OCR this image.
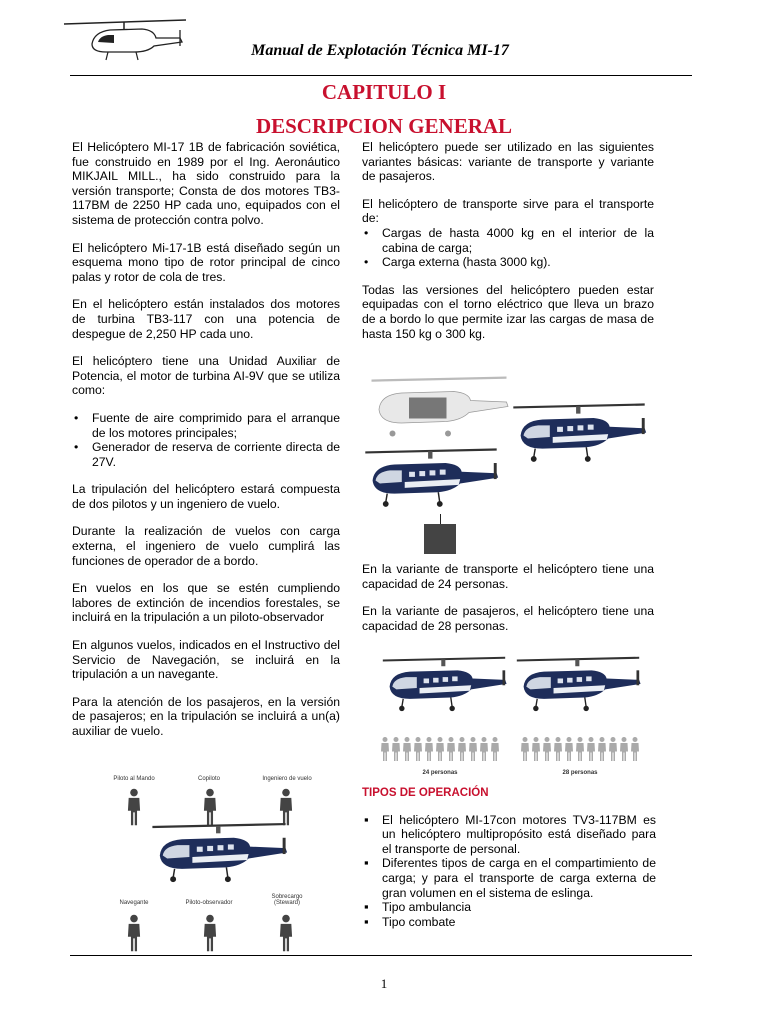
Manual de Explotación Técnica MI-17
CAPITULO I
DESCRIPCION GENERAL

El Helicóptero MI-17 1B de fabricación soviética, fue construido en 1989 por el Ing. Aeronáutico MIKJAIL MILL., ha sido construido para la versión transporte; Consta de dos motores TB3-117BM de 2250 HP cada uno, equipados con el sistema de protección contra polvo.

El helicóptero Mi-17-1B está diseñado según un esquema mono tipo de rotor principal de cinco palas y rotor de cola de tres.

En el helicóptero están instalados dos motores de turbina TB3-117 con una potencia de despegue de 2,250 HP cada uno.

El helicóptero tiene una Unidad Auxiliar de Potencia, el motor de turbina AI-9V que se utiliza como:

• Fuente de aire comprimido para el arranque de los motores principales;
• Generador de reserva de corriente directa de 27V.

La tripulación del helicóptero estará compuesta de dos pilotos y un ingeniero de vuelo.

Durante la realización de vuelos con carga externa, el ingeniero de vuelo cumplirá las funciones de operador de a bordo.

En vuelos en los que se estén cumpliendo labores de extinción de incendios forestales, se incluirá en la tripulación a un piloto-observador

En algunos vuelos, indicados en el Instructivo del Servicio de Navegación, se incluirá en la tripulación a un navegante.

Para la atención de los pasajeros, en la versión de pasajeros; en la tripulación se incluirá a un(a) auxiliar de vuelo.

Piloto al Mando	Copiloto	Ingeniero de vuelo
Navegante	Piloto-observador
Sobrecargo
(Steward)

El helicóptero puede ser utilizado en las siguientes variantes básicas: variante de transporte y variante de pasajeros.

El helicóptero de transporte sirve para el transporte de:

• Cargas de hasta 4000 kg en el interior de la cabina de carga;
• Carga externa (hasta 3000 kg).

Todas las versiones del helicóptero pueden estar equipadas con el torno eléctrico que lleva un brazo de a bordo lo que permite izar las cargas de masa de hasta 150 kg o 300 kg.

En la variante de transporte el helicóptero tiene una capacidad de 24 personas.

En la variante de pasajeros, el helicóptero tiene una capacidad de 28 personas.

24 personas	28 personas
TIPOS DE OPERACIÓN
▪ El helicóptero MI-17con motores TV3-117BM es un helicóptero multipropósito está diseñado para el transporte de personal.
▪ Diferentes tipos de carga en el compartimiento de carga; y para el transporte de carga externa de gran volumen en el sistema de eslinga.
▪ Tipo ambulancia
▪ Tipo combate
1
